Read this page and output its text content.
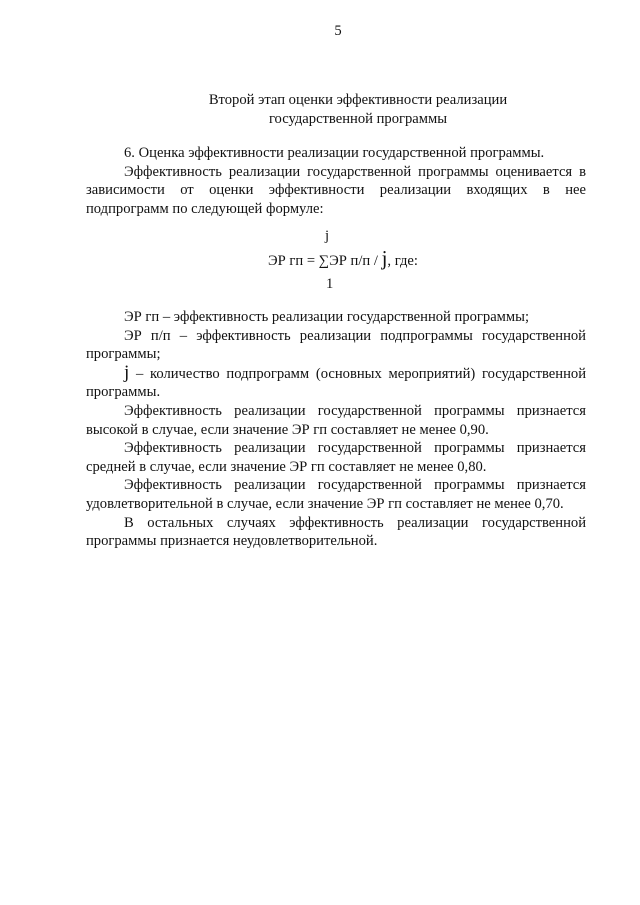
5
Второй этап оценки эффективности реализации
государственной программы
6. Оценка эффективности реализации государственной программы.
Эффективность реализации государственной программы оценивается в зависимости от оценки эффективности реализации входящих в нее подпрограмм по следующей формуле:
j
ЭР гп = ∑ЭР п/п / j, где:
1
ЭР гп – эффективность реализации государственной программы;
ЭР п/п – эффективность реализации подпрограммы государственной программы;
j – количество подпрограмм (основных мероприятий) государственной программы.
Эффективность реализации государственной программы признается высокой в случае, если значение ЭР гп составляет не менее 0,90.
Эффективность реализации государственной программы признается средней в случае, если значение ЭР гп составляет не менее 0,80.
Эффективность реализации государственной программы признается удовлетворительной в случае, если значение ЭР гп составляет не менее 0,70.
В остальных случаях эффективность реализации государственной программы признается неудовлетворительной.
